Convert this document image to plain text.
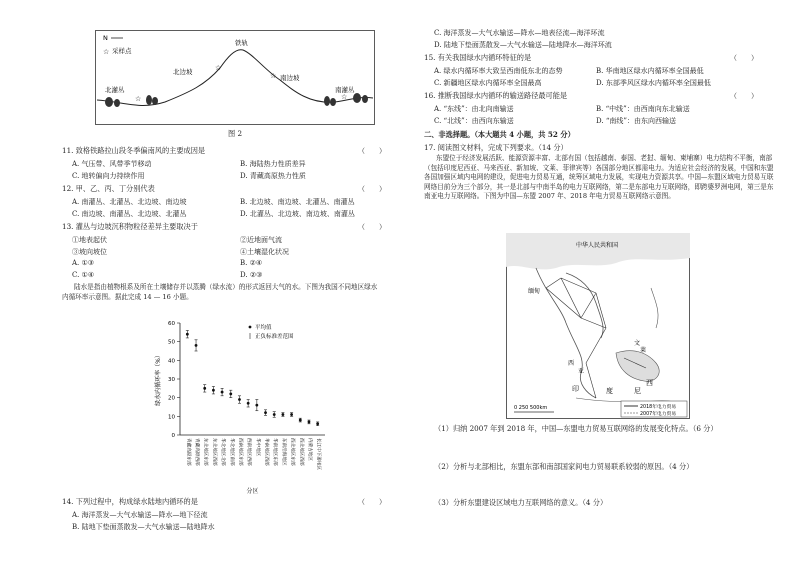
N
☆ 采样点
铁轨
☆
北边坡	☆ 南边坡
北灌丛	南灌丛
☆	☆
图 2
11. 致格铁路拉山段冬季偏南风的主要成因是	（　　）
A. 气压带、风带季节移动	B. 海陆热力性质差异
C. 地转偏向力持续作用	D. 青藏高原热力性质
12. 甲、乙、丙、丁分别代表	（　　）
A. 南灌丛、北灌丛、北边坡、南边坡	B. 北边坡、南边坡、北灌丛、南灌丛
C. 南边坡、南灌丛、北边坡、北灌丛	D. 北灌丛、北边坡、南边坡、南灌丛
13. 灌丛与边坡沉积物粒径差异主要取决于	（　　）
①地表起伏	②近地面气流
③坡向坡位	④土壤湿化状况
A. ①③	B. ②④
C. ①④	D. ②③
陆水是指由植物根系及所在土壤储存并以蒸腾（绿水流）的形式返回大气的水。下图为我国不同地区绿水内循环率示意图。据此完成 14 — 16 小题。
0
10
20
30
40
50
60
绿水内循环率（%）
青藏高原东部 青藏高原西部 东北地区东部 东北地区西部 华北地区北部 华北地区南部 西南地区东部 西南地区西部 华中地区 华南地区西部 华南地区东部 东南沿海地区 西北地区东部 西北地区西部 内蒙古地区 长江中下游地区
平均值
正负标准差范围
分区
14. 下列过程中，构成绿水陆地内循环的是	（　　）
A. 海洋蒸发—大气水输送—降水—地下径流
B. 陆地下垫面蒸散发—大气水输送—陆地降水
C. 海洋蒸发—大气水输送—降水—地表径流—海洋环流
D. 陆地下垫面蒸散发—大气水输送—陆地降水—海洋环流
15. 有关我国绿水内循环特征的是	（　　）
A. 绿水内循环率大致呈西南低东北的态势	B. 华南地区绿水内循环率全国最低
C. 新疆地区绿水内循环率全国最高	D. 东部季风区绿水内循环率全国最低
16. 推断我国绿水内循环的输送路径最可能是	（　　）
A. “东线”：由北向南输送	B. “中线”：由西南向东北输送
C. “北线”：由西向东输送	D. “南线”：由东向西输送
二、非选择题。（本大题共 4 小题，共 52 分）
17. 阅读图文材料，完成下列要求。（14 分）
东盟位于经济发展活跃、能源资源丰富、北部有国（包括越南、泰国、老挝、缅甸、柬埔寨）电力结构不平衡，南部（包括印度尼西亚、马来西亚、新加坡、文莱、菲律宾等）各国部分地区都需电力。为适应社会经济的发展，中国和东盟各国加强区域内电网的建设，促进电力贸易互通，统筹区域电力发展，实现电力资源共享。中国—东盟区域电力贸易互联网络目前分为三个部分，其一是北部与中南半岛的电力互联网络，第二是东部电力互联网络，即跨婆罗洲电网，第三是东南亚电力互联网络。下图为中国—东盟 2007 年、2018 年电力贸易互联网络示意图。
中华人民共和国
缅甸
亚
西
文
莱
印	度	尼
西
0 250 500km	2018年电力贸易
2007年电力贸易
（1）归纳 2007 年到 2018 年，中国—东盟电力贸易互联网络的发展变化特点。（6 分）
（2）分析与北部相比，东盟东部和南部国家间电力贸易联系较弱的原因。（4 分）
（3）分析东盟建设区域电力互联网络的意义。（4 分）
